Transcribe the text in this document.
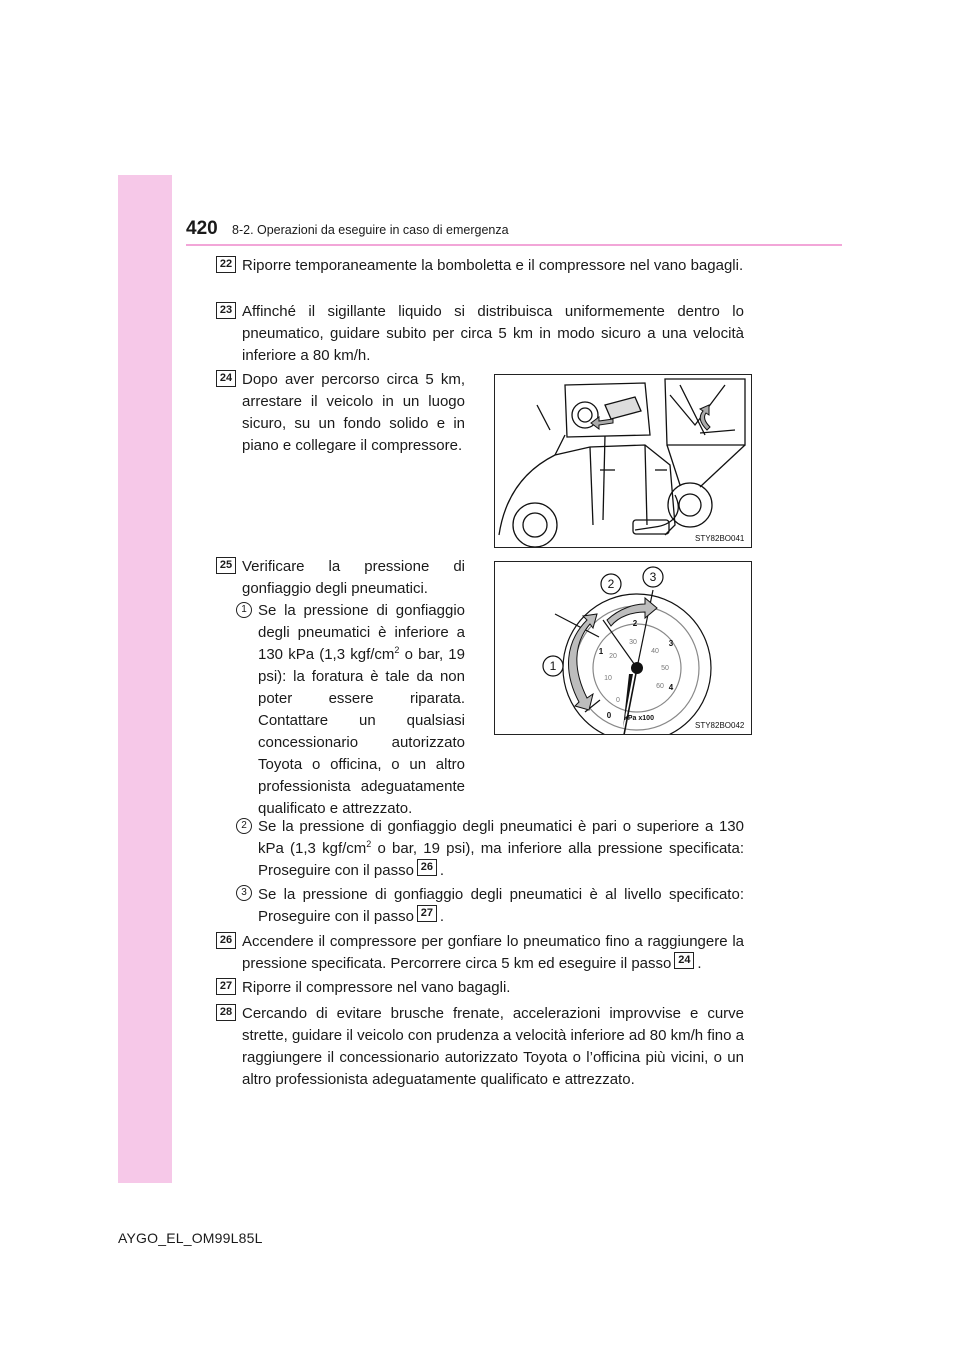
420 8-2. Operazioni da eseguire in caso di emergenza
22 Riporre temporaneamente la bomboletta e il compressore nel vano bagagli.

23 Affinché il sigillante liquido si distribuisca uniformemente dentro lo pneumatico, guidare subito per circa 5 km in modo sicuro a una velocità inferiore a 80 km/h.

24 Dopo aver percorso circa 5 km, arrestare il veicolo in un luogo sicuro, su un fondo solido e in piano e collegare il compressore.

STY82BO041
25 Verificare la pressione di gonfiaggio degli pneumatici.

1 Se la pressione di gonfiaggio degli pneumatici è inferiore a 130 kPa (1,3 kgf/$cm^2$ o bar, 19 psi): la foratura è tale da non poter essere riparata. Contattare un qualsiasi concessionario autorizzato Toyota o officina, o un altro professionista adeguatamente qualificato e attrezzato.

1
2	3
0
10
20
30
40
50
60
0
1
2
3
4
kPa x100
STY82BO042
2 Se la pressione di gonfiaggio degli pneumatici è pari o superiore a 130 kPa (1,3 kgf/$cm^2$ o bar, 19 psi), ma inferiore alla pressione specificata: Proseguire con il passo 26 .

3 Se la pressione di gonfiaggio degli pneumatici è al livello specificato: Proseguire con il passo 27 .

26 Accendere il compressore per gonfiare lo pneumatico fino a raggiungere la pressione specificata. Percorrere circa 5 km ed eseguire il passo 24 .

27 Riporre il compressore nel vano bagagli.

28 Cercando di evitare brusche frenate, accelerazioni improvvise e curve strette, guidare il veicolo con prudenza a velocità inferiore ad 80 km/h fino a raggiungere il concessionario autorizzato Toyota o l’officina più vicini, o un altro professionista adeguatamente qualificato e attrezzato.

AYGO_EL_OM99L85L
